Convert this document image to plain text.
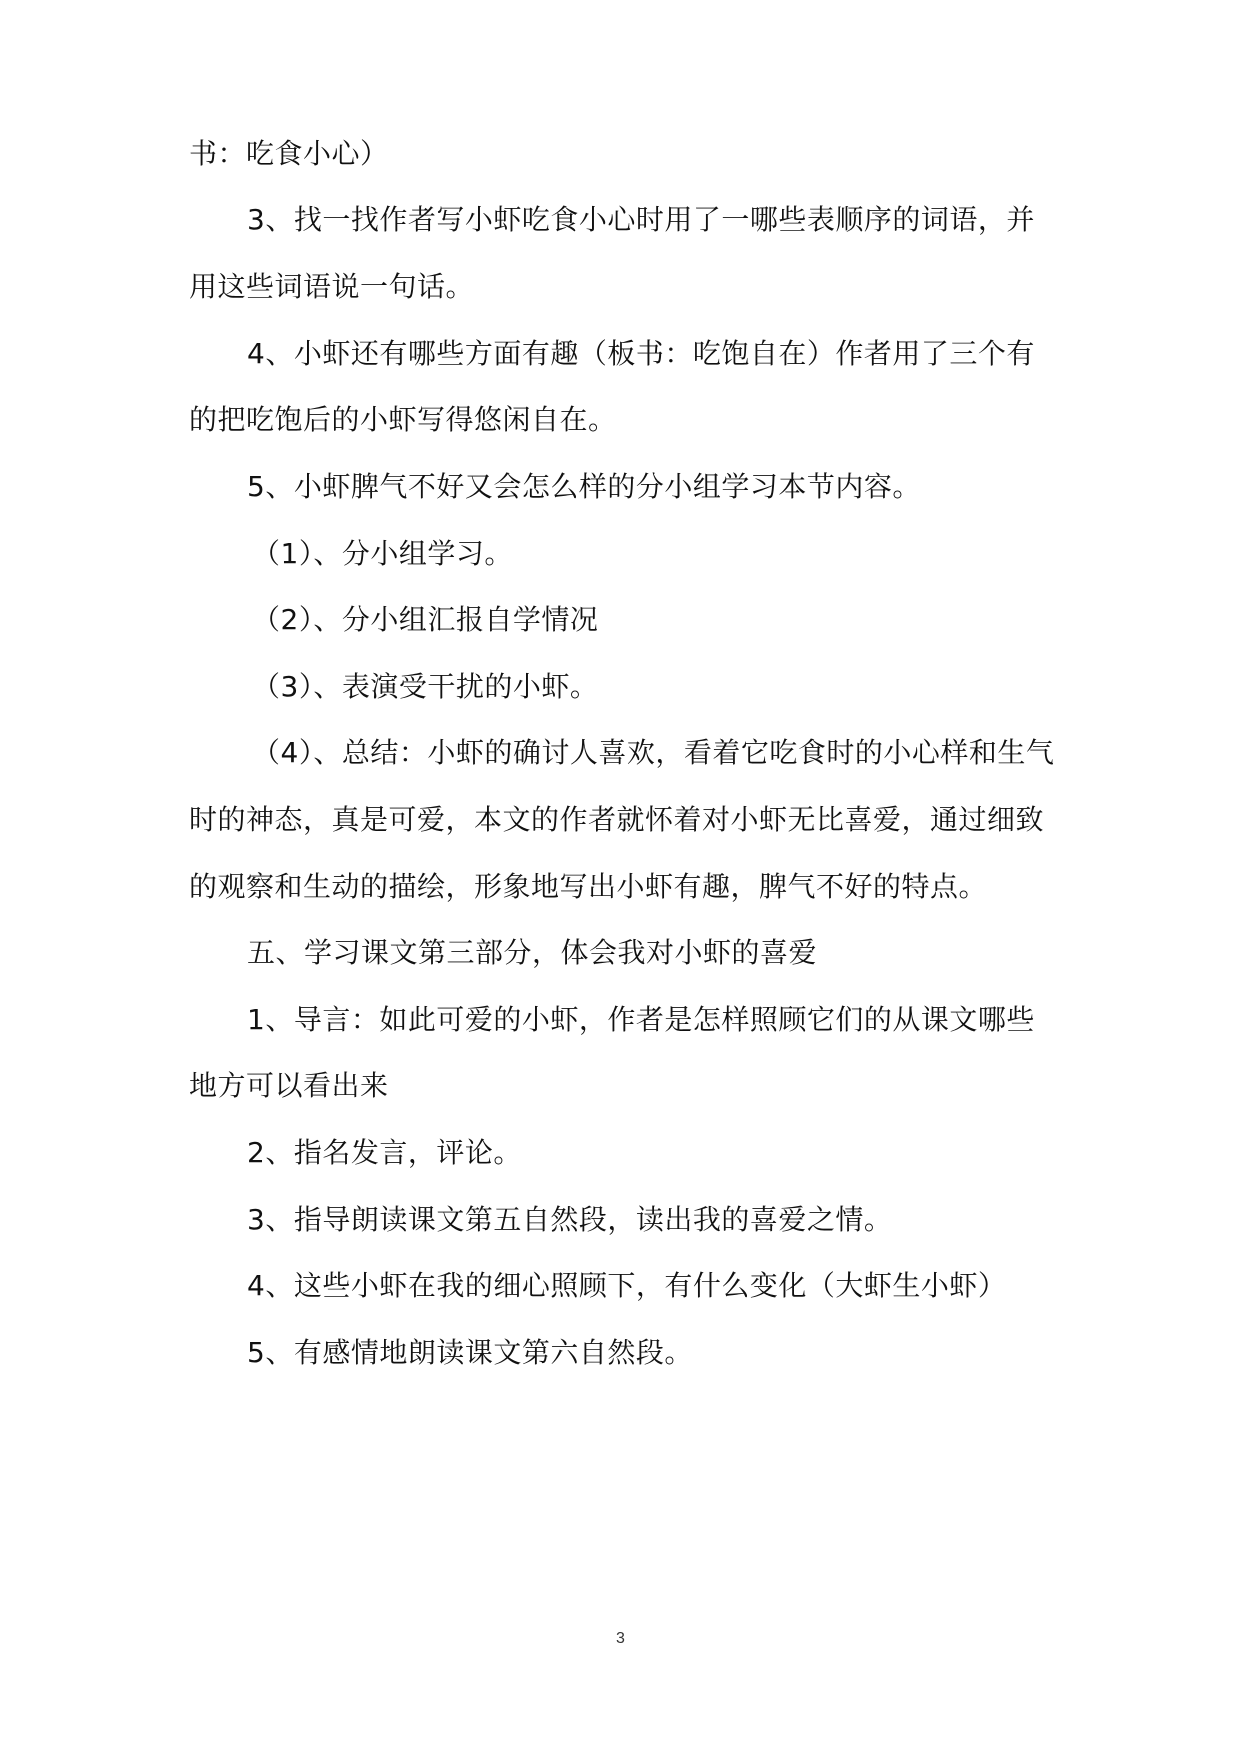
书：吃食小心）
3、找一找作者写小虾吃食小心时用了一哪些表顺序的词语，并
用这些词语说一句话。
4、小虾还有哪些方面有趣（板书：吃饱自在）作者用了三个有
的把吃饱后的小虾写得悠闲自在。
5、小虾脾气不好又会怎么样的分小组学习本节内容。
（1）、分小组学习。
（2）、分小组汇报自学情况
（3）、表演受干扰的小虾。
（4）、总结：小虾的确讨人喜欢，看着它吃食时的小心样和生气
时的神态，真是可爱，本文的作者就怀着对小虾无比喜爱，通过细致
的观察和生动的描绘，形象地写出小虾有趣，脾气不好的特点。
五、学习课文第三部分，体会我对小虾的喜爱
1、导言：如此可爱的小虾，作者是怎样照顾它们的从课文哪些
地方可以看出来
2、指名发言，评论。
3、指导朗读课文第五自然段，读出我的喜爱之情。
4、这些小虾在我的细心照顾下，有什么变化（大虾生小虾）
5、有感情地朗读课文第六自然段。
3
